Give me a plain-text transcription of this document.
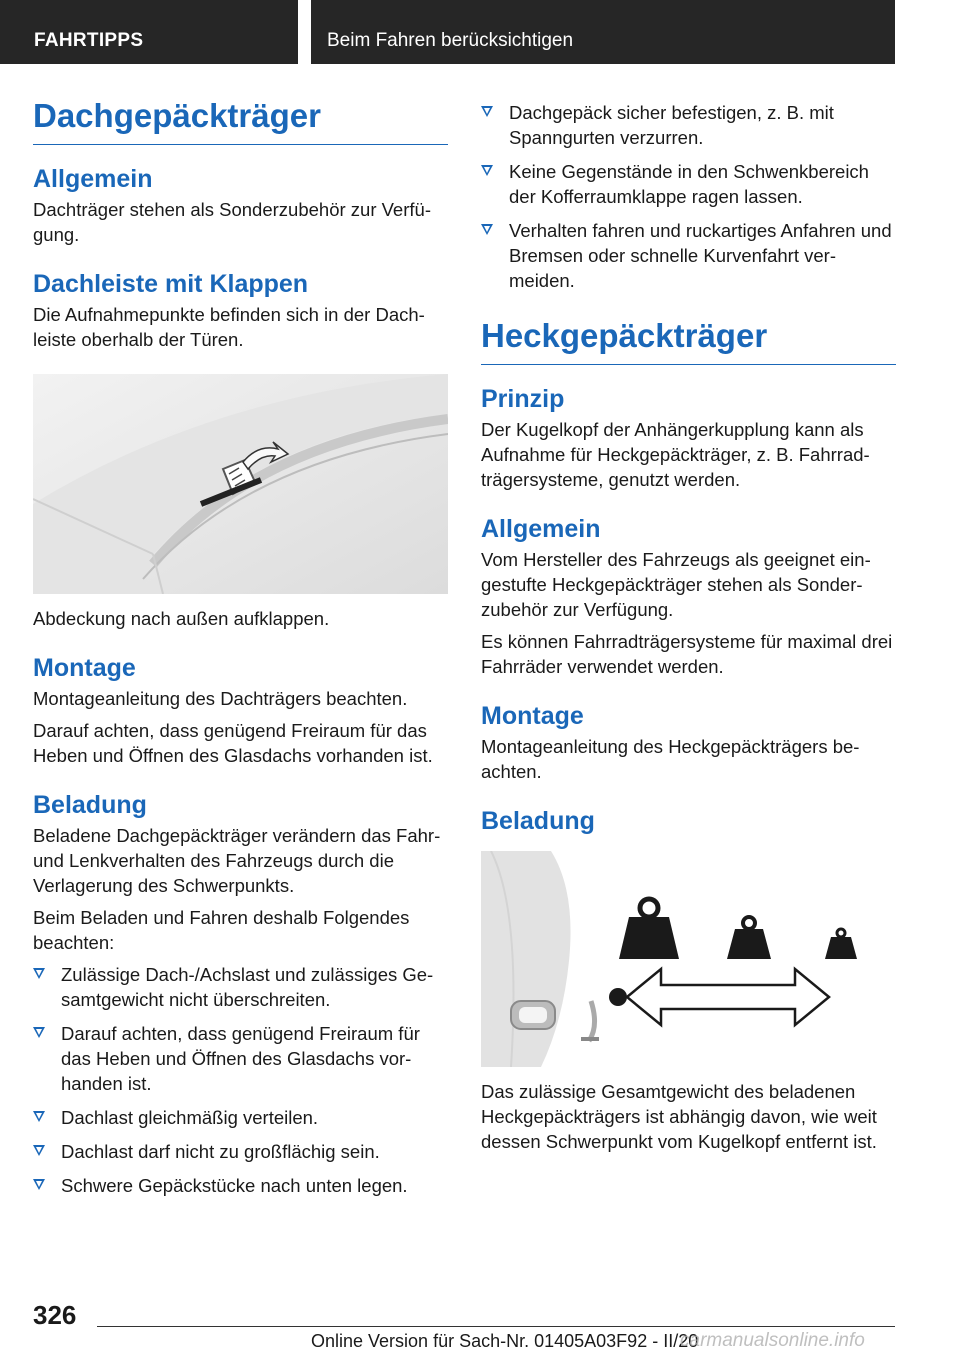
FAHRTIPPS	Beim Fahren berücksichtigen
Dachgepäckträger
Allgemein

Dachträger stehen als Sonderzubehör zur Verfü-gung.

Dachleiste mit Klappen

Die Aufnahmepunkte befinden sich in der Dach-leiste oberhalb der Türen.

Abdeckung nach außen aufklappen.

Montage

Montageanleitung des Dachträgers beachten.

Darauf achten, dass genügend Freiraum für das Heben und Öffnen des Glasdachs vorhanden ist.

Beladung

Beladene Dachgepäckträger verändern das Fahr- und Lenkverhalten des Fahrzeugs durch die Verlagerung des Schwerpunkts.

Beim Beladen und Fahren deshalb Folgendes beachten:

Zulässige Dach-/Achslast und zulässiges Ge-samtgewicht nicht überschreiten.
Darauf achten, dass genügend Freiraum für das Heben und Öffnen des Glasdachs vor-handen ist.
Dachlast gleichmäßig verteilen.
Dachlast darf nicht zu großflächig sein.
Schwere Gepäckstücke nach unten legen.
Dachgepäck sicher befestigen, z. B. mit Spanngurten verzurren.
Keine Gegenstände in den Schwenkbereich der Kofferraumklappe ragen lassen.
Verhalten fahren und ruckartiges Anfahren und Bremsen oder schnelle Kurvenfahrt ver-meiden.
Heckgepäckträger
Prinzip

Der Kugelkopf der Anhängerkupplung kann als Aufnahme für Heckgepäckträger, z. B. Fahrrad-trägersysteme, genutzt werden.

Allgemein

Vom Hersteller des Fahrzeugs als geeignet ein-gestufte Heckgepäckträger stehen als Sonder-zubehör zur Verfügung.

Es können Fahrradträgersysteme für maximal drei Fahrräder verwendet werden.

Montage

Montageanleitung des Heckgepäckträgers be-achten.

Beladung

Das zulässige Gesamtgewicht des beladenen Heckgepäckträgers ist abhängig davon, wie weit dessen Schwerpunkt vom Kugelkopf entfernt ist.

326
Online Version für Sach-Nr. 01405A03F92 - II/20
carmanualsonline.info
